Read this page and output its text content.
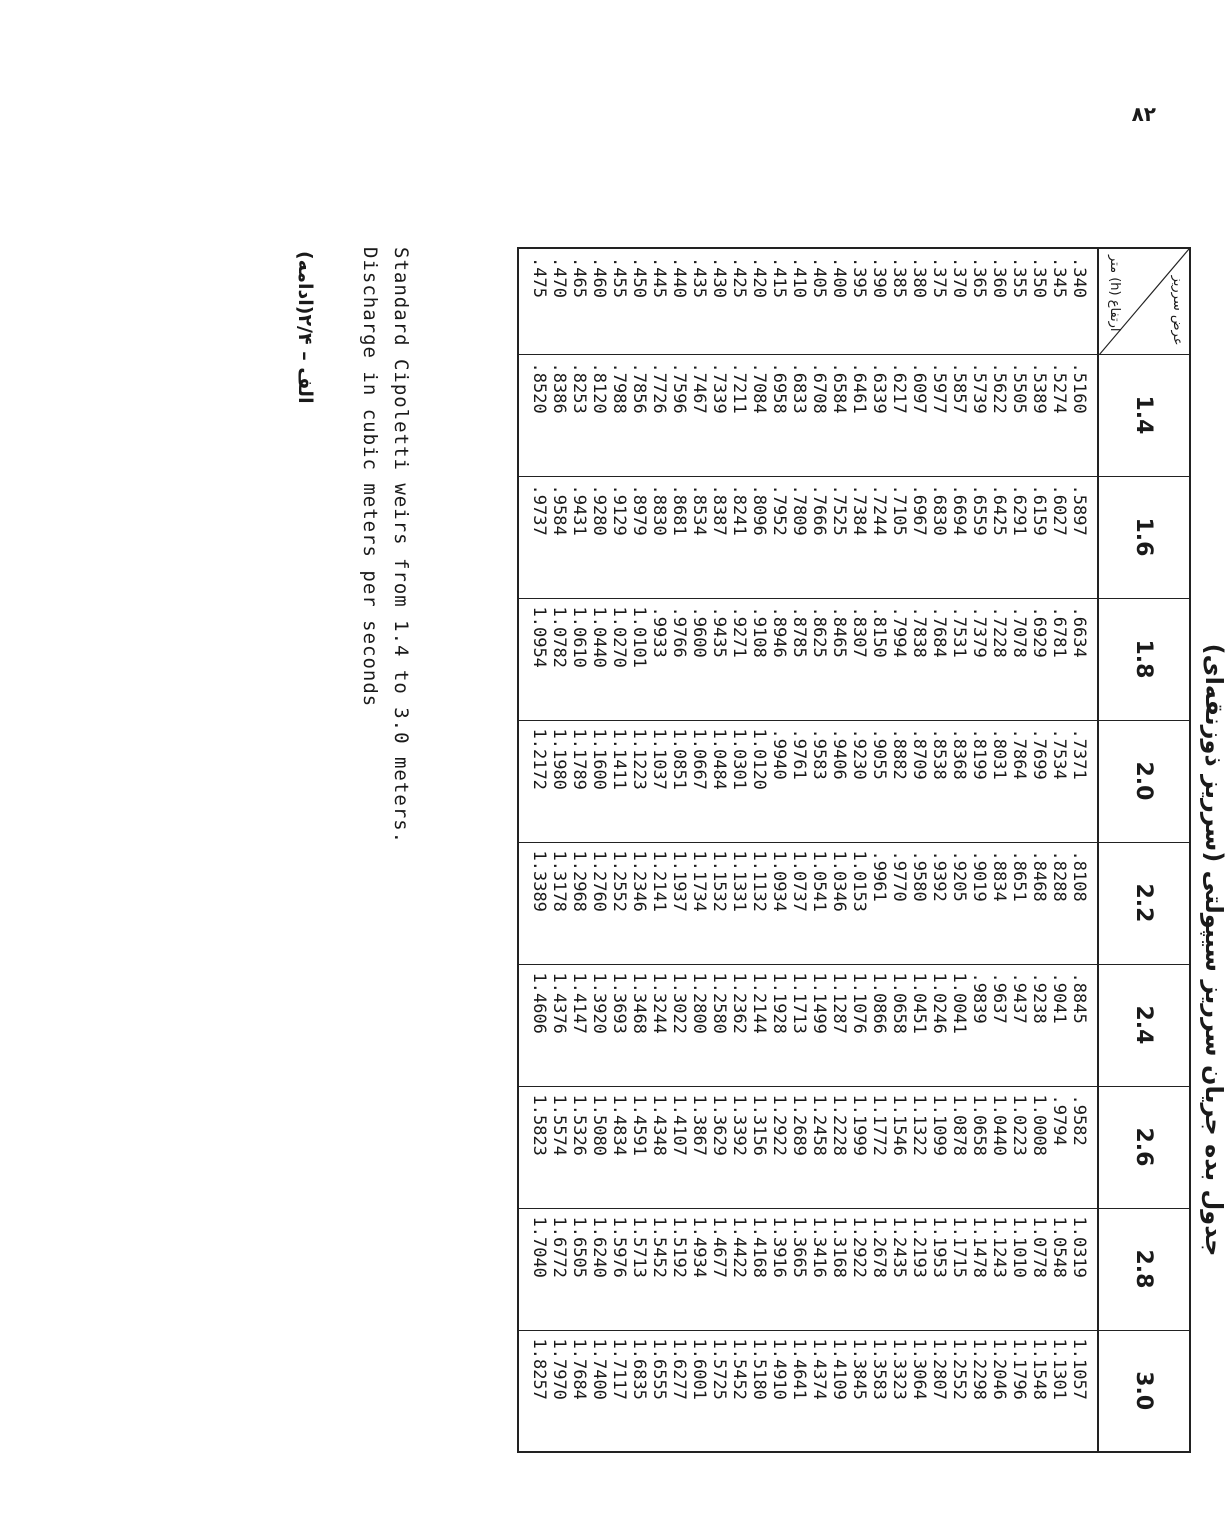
۸۲
جدول بده جريان سرريز سيپولتى (سرريز ذوزنقه‌اى)
عرض سرريز
ارتفاع (h) متر	1.4	1.6	1.8	2.0	2.2	2.4	2.6	2.8	3.0
.340	.5160	.5897	.6634	.7371	.8108	.8845	.9582	1.0319	1.1057
.345	.5274	.6027	.6781	.7534	.8288	.9041	.9794	1.0548	1.1301
.350	.5389	.6159	.6929	.7699	.8468	.9238	1.0008	1.0778	1.1548
.355	.5505	.6291	.7078	.7864	.8651	.9437	1.0223	1.1010	1.1796
.360	.5622	.6425	.7228	.8031	.8834	.9637	1.0440	1.1243	1.2046
.365	.5739	.6559	.7379	.8199	.9019	.9839	1.0658	1.1478	1.2298
.370	.5857	.6694	.7531	.8368	.9205	1.0041	1.0878	1.1715	1.2552
.375	.5977	.6830	.7684	.8538	.9392	1.0246	1.1099	1.1953	1.2807
.380	.6097	.6967	.7838	.8709	.9580	1.0451	1.1322	1.2193	1.3064
.385	.6217	.7105	.7994	.8882	.9770	1.0658	1.1546	1.2435	1.3323
.390	.6339	.7244	.8150	.9055	.9961	1.0866	1.1772	1.2678	1.3583
.395	.6461	.7384	.8307	.9230	1.0153	1.1076	1.1999	1.2922	1.3845
.400	.6584	.7525	.8465	.9406	1.0346	1.1287	1.2228	1.3168	1.4109
.405	.6708	.7666	.8625	.9583	1.0541	1.1499	1.2458	1.3416	1.4374
.410	.6833	.7809	.8785	.9761	1.0737	1.1713	1.2689	1.3665	1.4641
.415	.6958	.7952	.8946	.9940	1.0934	1.1928	1.2922	1.3916	1.4910
.420	.7084	.8096	.9108	1.0120	1.1132	1.2144	1.3156	1.4168	1.5180
.425	.7211	.8241	.9271	1.0301	1.1331	1.2362	1.3392	1.4422	1.5452
.430	.7339	.8387	.9435	1.0484	1.1532	1.2580	1.3629	1.4677	1.5725
.435	.7467	.8534	.9600	1.0667	1.1734	1.2800	1.3867	1.4934	1.6001
.440	.7596	.8681	.9766	1.0851	1.1937	1.3022	1.4107	1.5192	1.6277
.445	.7726	.8830	.9933	1.1037	1.2141	1.3244	1.4348	1.5452	1.6555
.450	.7856	.8979	1.0101	1.1223	1.2346	1.3468	1.4591	1.5713	1.6835
.455	.7988	.9129	1.0270	1.1411	1.2552	1.3693	1.4834	1.5976	1.7117
.460	.8120	.9280	1.0440	1.1600	1.2760	1.3920	1.5080	1.6240	1.7400
.465	.8253	.9431	1.0610	1.1789	1.2968	1.4147	1.5326	1.6505	1.7684
.470	.8386	.9584	1.0782	1.1980	1.3178	1.4376	1.5574	1.6772	1.7970
.475	.8520	.9737	1.0954	1.2172	1.3389	1.4606	1.5823	1.7040	1.8257
Standard Cipoletti weirs from 1.4 to 3.0 meters.
Discharge in cubic meters per seconds
الف – ۲/۴(ادامه)
